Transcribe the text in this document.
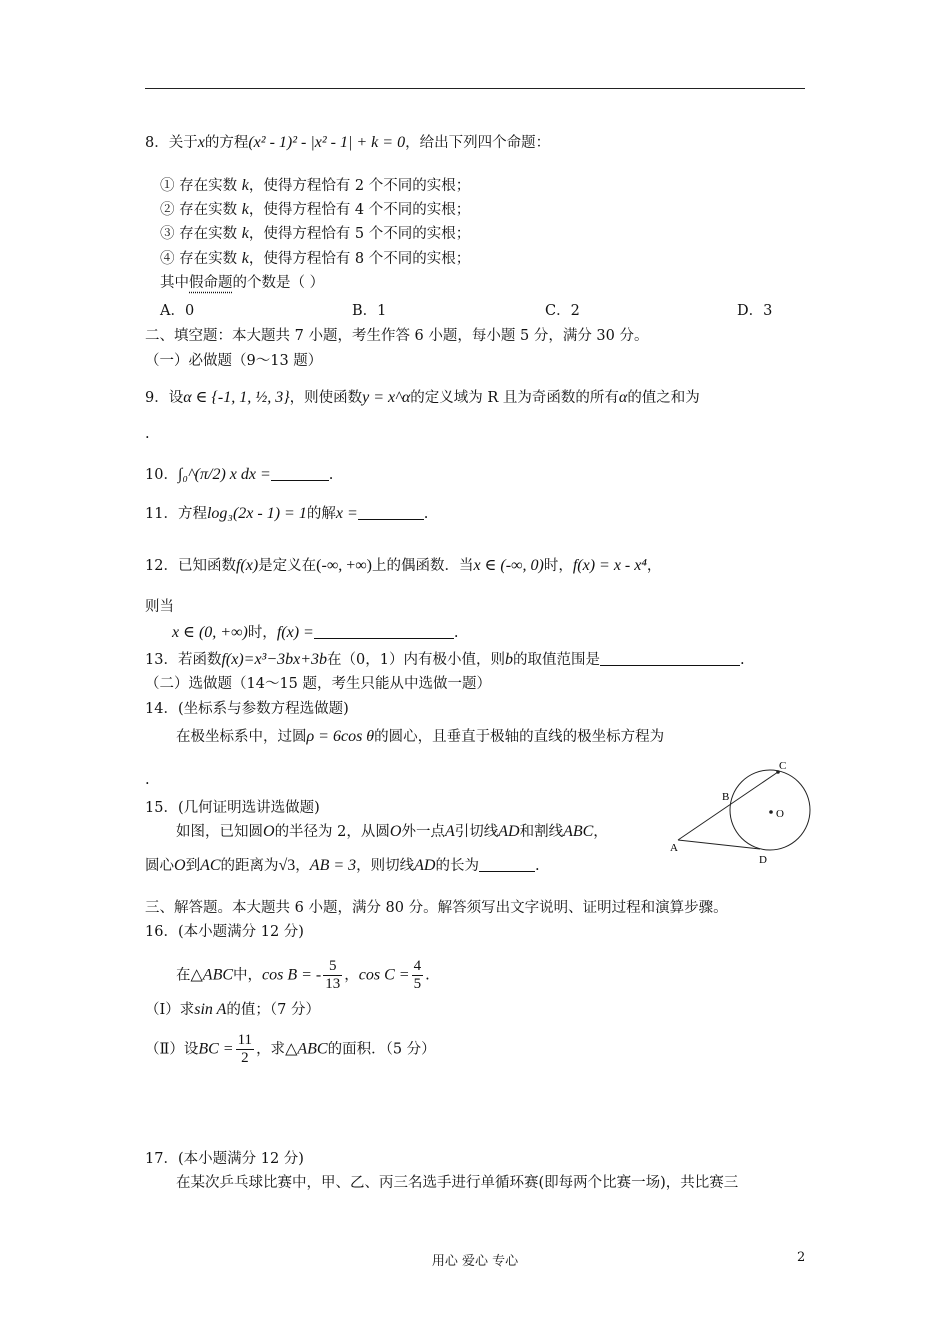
8．关于x的方程(x² - 1)² - |x² - 1| + k = 0，给出下列四个命题：
① 存在实数 k，使得方程恰有 2 个不同的实根；
② 存在实数 k，使得方程恰有 4 个不同的实根；
③ 存在实数 k，使得方程恰有 5 个不同的实根；
④ 存在实数 k，使得方程恰有 8 个不同的实根；
其中假命题的个数是（ ）
A．0	B．1	C．2	D．3
二、填空题：本大题共 7 小题，考生作答 6 小题，每小题 5 分，满分 30 分。
（一）必做题（9～13 题）
9．设α ∈ {-1, 1, ½, 3}，则使函数y = x^α的定义域为 R 且为奇函数的所有α的值之和为
.
10．∫₀^(π/2) x dx =	.
11．方程log₃(2x - 1) = 1的解x =	.
12．已知函数f(x)是定义在(-∞, +∞)上的偶函数．当x ∈ (-∞, 0)时，f(x) = x - x⁴，
则当
x ∈ (0, +∞)时，f(x) =	.
13．若函数f(x)=x³−3bx+3b在（0，1）内有极小值，则b的取值范围是	.
（二）选做题（14～15 题，考生只能从中选做一题）
14．(坐标系与参数方程选做题)
在极坐标系中，过圆ρ = 6cos θ的圆心，且垂直于极轴的直线的极坐标方程为
.
15．(几何证明选讲选做题)
如图，已知圆O的半径为 2，从圆O外一点A引切线AD和割线ABC，
圆心O到AC的距离为√3，AB = 3，则切线AD的长为	.
C
B
O
A
D
三、解答题。本大题共 6 小题，满分 80 分。解答须写出文字说明、证明过程和演算步骤。
16．(本小题满分 12 分)
在△ABC中，cos B = - $\frac{5}{13}$ ，$\cos C = \frac{4}{5}$ .
（Ⅰ）求sin A的值；（7 分）
（Ⅱ）设BC = $\frac{11}{2}$ ，求△ABC的面积．（5 分）
17．(本小题满分 12 分)
在某次乒乓球比赛中，甲、乙、丙三名选手进行单循环赛(即每两个比赛一场)，共比赛三
用心 爱心 专心	2
